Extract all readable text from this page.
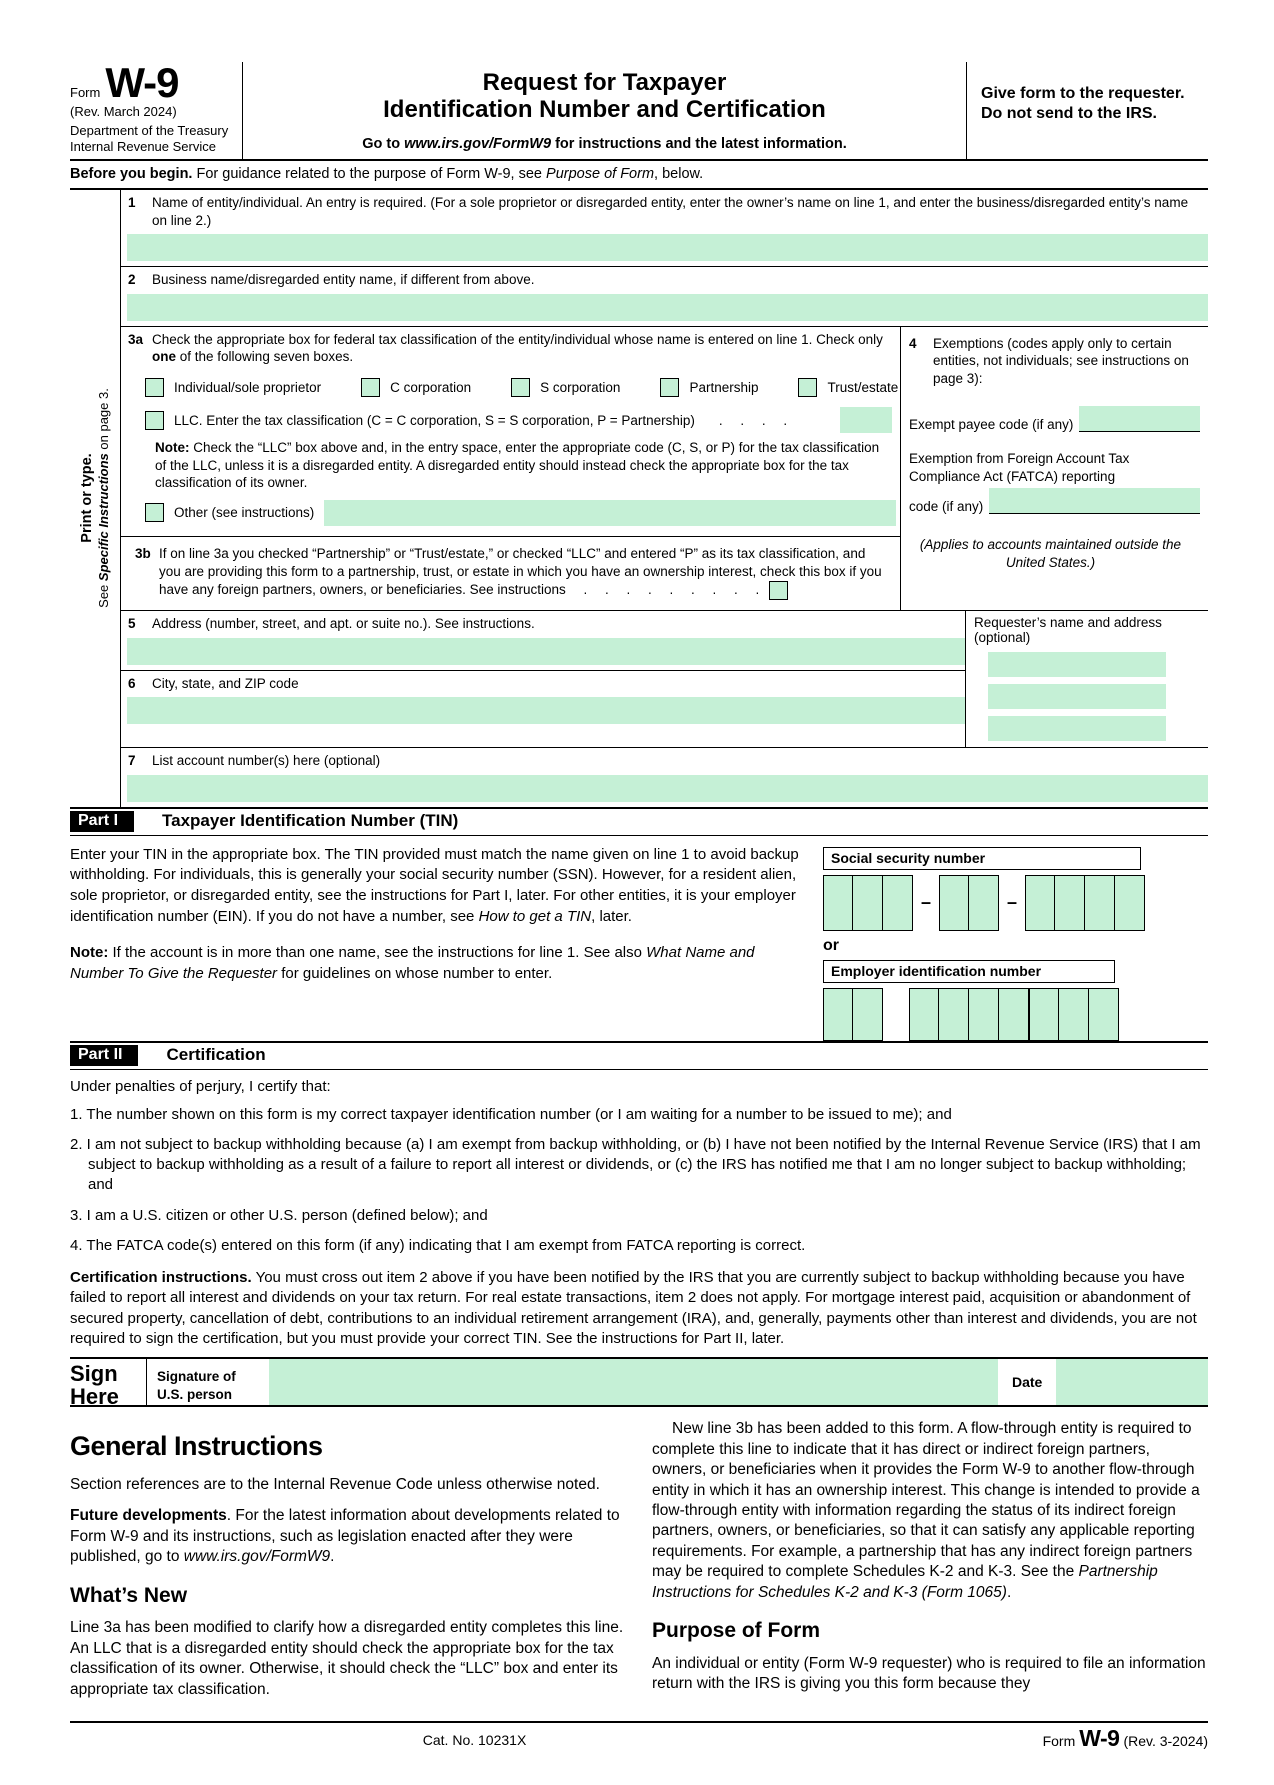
Form W-9
(Rev. March 2024)
Department of the Treasury
Internal Revenue Service
Request for Taxpayer
Identification Number and Certification
Go to www.irs.gov/FormW9 for instructions and the latest information.
Give form to the requester. Do not send to the IRS.
Before you begin. For guidance related to the purpose of Form W-9, see Purpose of Form, below.
Print or type.
See Specific Instructions on page 3.
1	Name of entity/individual. An entry is required. (For a sole proprietor or disregarded entity, enter the owner’s name on line 1, and enter the business/disregarded entity’s name on line 2.)
2	Business name/disregarded entity name, if different from above.
3a Check the appropriate box for federal tax classification of the entity/individual whose name is entered on line 1. Check only one of the following seven boxes.
Individual/sole proprietor	C corporation	S corporation	Partnership	Trust/estate
LLC. Enter the tax classification (C = C corporation, S = S corporation, P = Partnership) . . . .
Note: Check the “LLC” box above and, in the entry space, enter the appropriate code (C, S, or P) for the tax classification of the LLC, unless it is a disregarded entity. A disregarded entity should instead check the appropriate box for the tax classification of its owner.
Other (see instructions)
3b If on line 3a you checked “Partnership” or “Trust/estate,” or checked “LLC” and entered “P” as its tax classification, and you are providing this form to a partnership, trust, or estate in which you have an ownership interest, check this box if you have any foreign partners, owners, or beneficiaries. See instructions . . . . . . . . .
4	Exemptions (codes apply only to certain entities, not individuals; see instructions on page 3):
Exempt payee code (if any)
Exemption from Foreign Account Tax Compliance Act (FATCA) reporting
code (if any)
(Applies to accounts maintained outside the United States.)
5	Address (number, street, and apt. or suite no.). See instructions.
6	City, state, and ZIP code
Requester’s name and address (optional)
7	List account number(s) here (optional)
Part I	Taxpayer Identification Number (TIN)

Enter your TIN in the appropriate box. The TIN provided must match the name given on line 1 to avoid backup withholding. For individuals, this is generally your social security number (SSN). However, for a resident alien, sole proprietor, or disregarded entity, see the instructions for Part I, later. For other entities, it is your employer identification number (EIN). If you do not have a number, see How to get a TIN, later.

Note: If the account is in more than one name, see the instructions for line 1. See also What Name and Number To Give the Requester for guidelines on whose number to enter.

Social security number
–	–
or
Employer identification number
Part II	Certification

Under penalties of perjury, I certify that:

1. The number shown on this form is my correct taxpayer identification number (or I am waiting for a number to be issued to me); and

2. I am not subject to backup withholding because (a) I am exempt from backup withholding, or (b) I have not been notified by the Internal Revenue Service (IRS) that I am subject to backup withholding as a result of a failure to report all interest or dividends, or (c) the IRS has notified me that I am no longer subject to backup withholding; and

3. I am a U.S. citizen or other U.S. person (defined below); and

4. The FATCA code(s) entered on this form (if any) indicating that I am exempt from FATCA reporting is correct.

Certification instructions. You must cross out item 2 above if you have been notified by the IRS that you are currently subject to backup withholding because you have failed to report all interest and dividends on your tax return. For real estate transactions, item 2 does not apply. For mortgage interest paid, acquisition or abandonment of secured property, cancellation of debt, contributions to an individual retirement arrangement (IRA), and, generally, payments other than interest and dividends, you are not required to sign the certification, but you must provide your correct TIN. See the instructions for Part II, later.

Sign
Here
Signature of
U.S. person
Date
General Instructions

Section references are to the Internal Revenue Code unless otherwise noted.

Future developments. For the latest information about developments related to Form W-9 and its instructions, such as legislation enacted after they were published, go to www.irs.gov/FormW9.

What’s New

Line 3a has been modified to clarify how a disregarded entity completes this line. An LLC that is a disregarded entity should check the appropriate box for the tax classification of its owner. Otherwise, it should check the “LLC” box and enter its appropriate tax classification.

New line 3b has been added to this form. A flow-through entity is required to complete this line to indicate that it has direct or indirect foreign partners, owners, or beneficiaries when it provides the Form W-9 to another flow-through entity in which it has an ownership interest. This change is intended to provide a flow-through entity with information regarding the status of its indirect foreign partners, owners, or beneficiaries, so that it can satisfy any applicable reporting requirements. For example, a partnership that has any indirect foreign partners may be required to complete Schedules K-2 and K-3. See the Partnership Instructions for Schedules K-2 and K-3 (Form 1065).

Purpose of Form

An individual or entity (Form W-9 requester) who is required to file an information return with the IRS is giving you this form because they

Cat. No. 10231X	Form W-9 (Rev. 3-2024)
